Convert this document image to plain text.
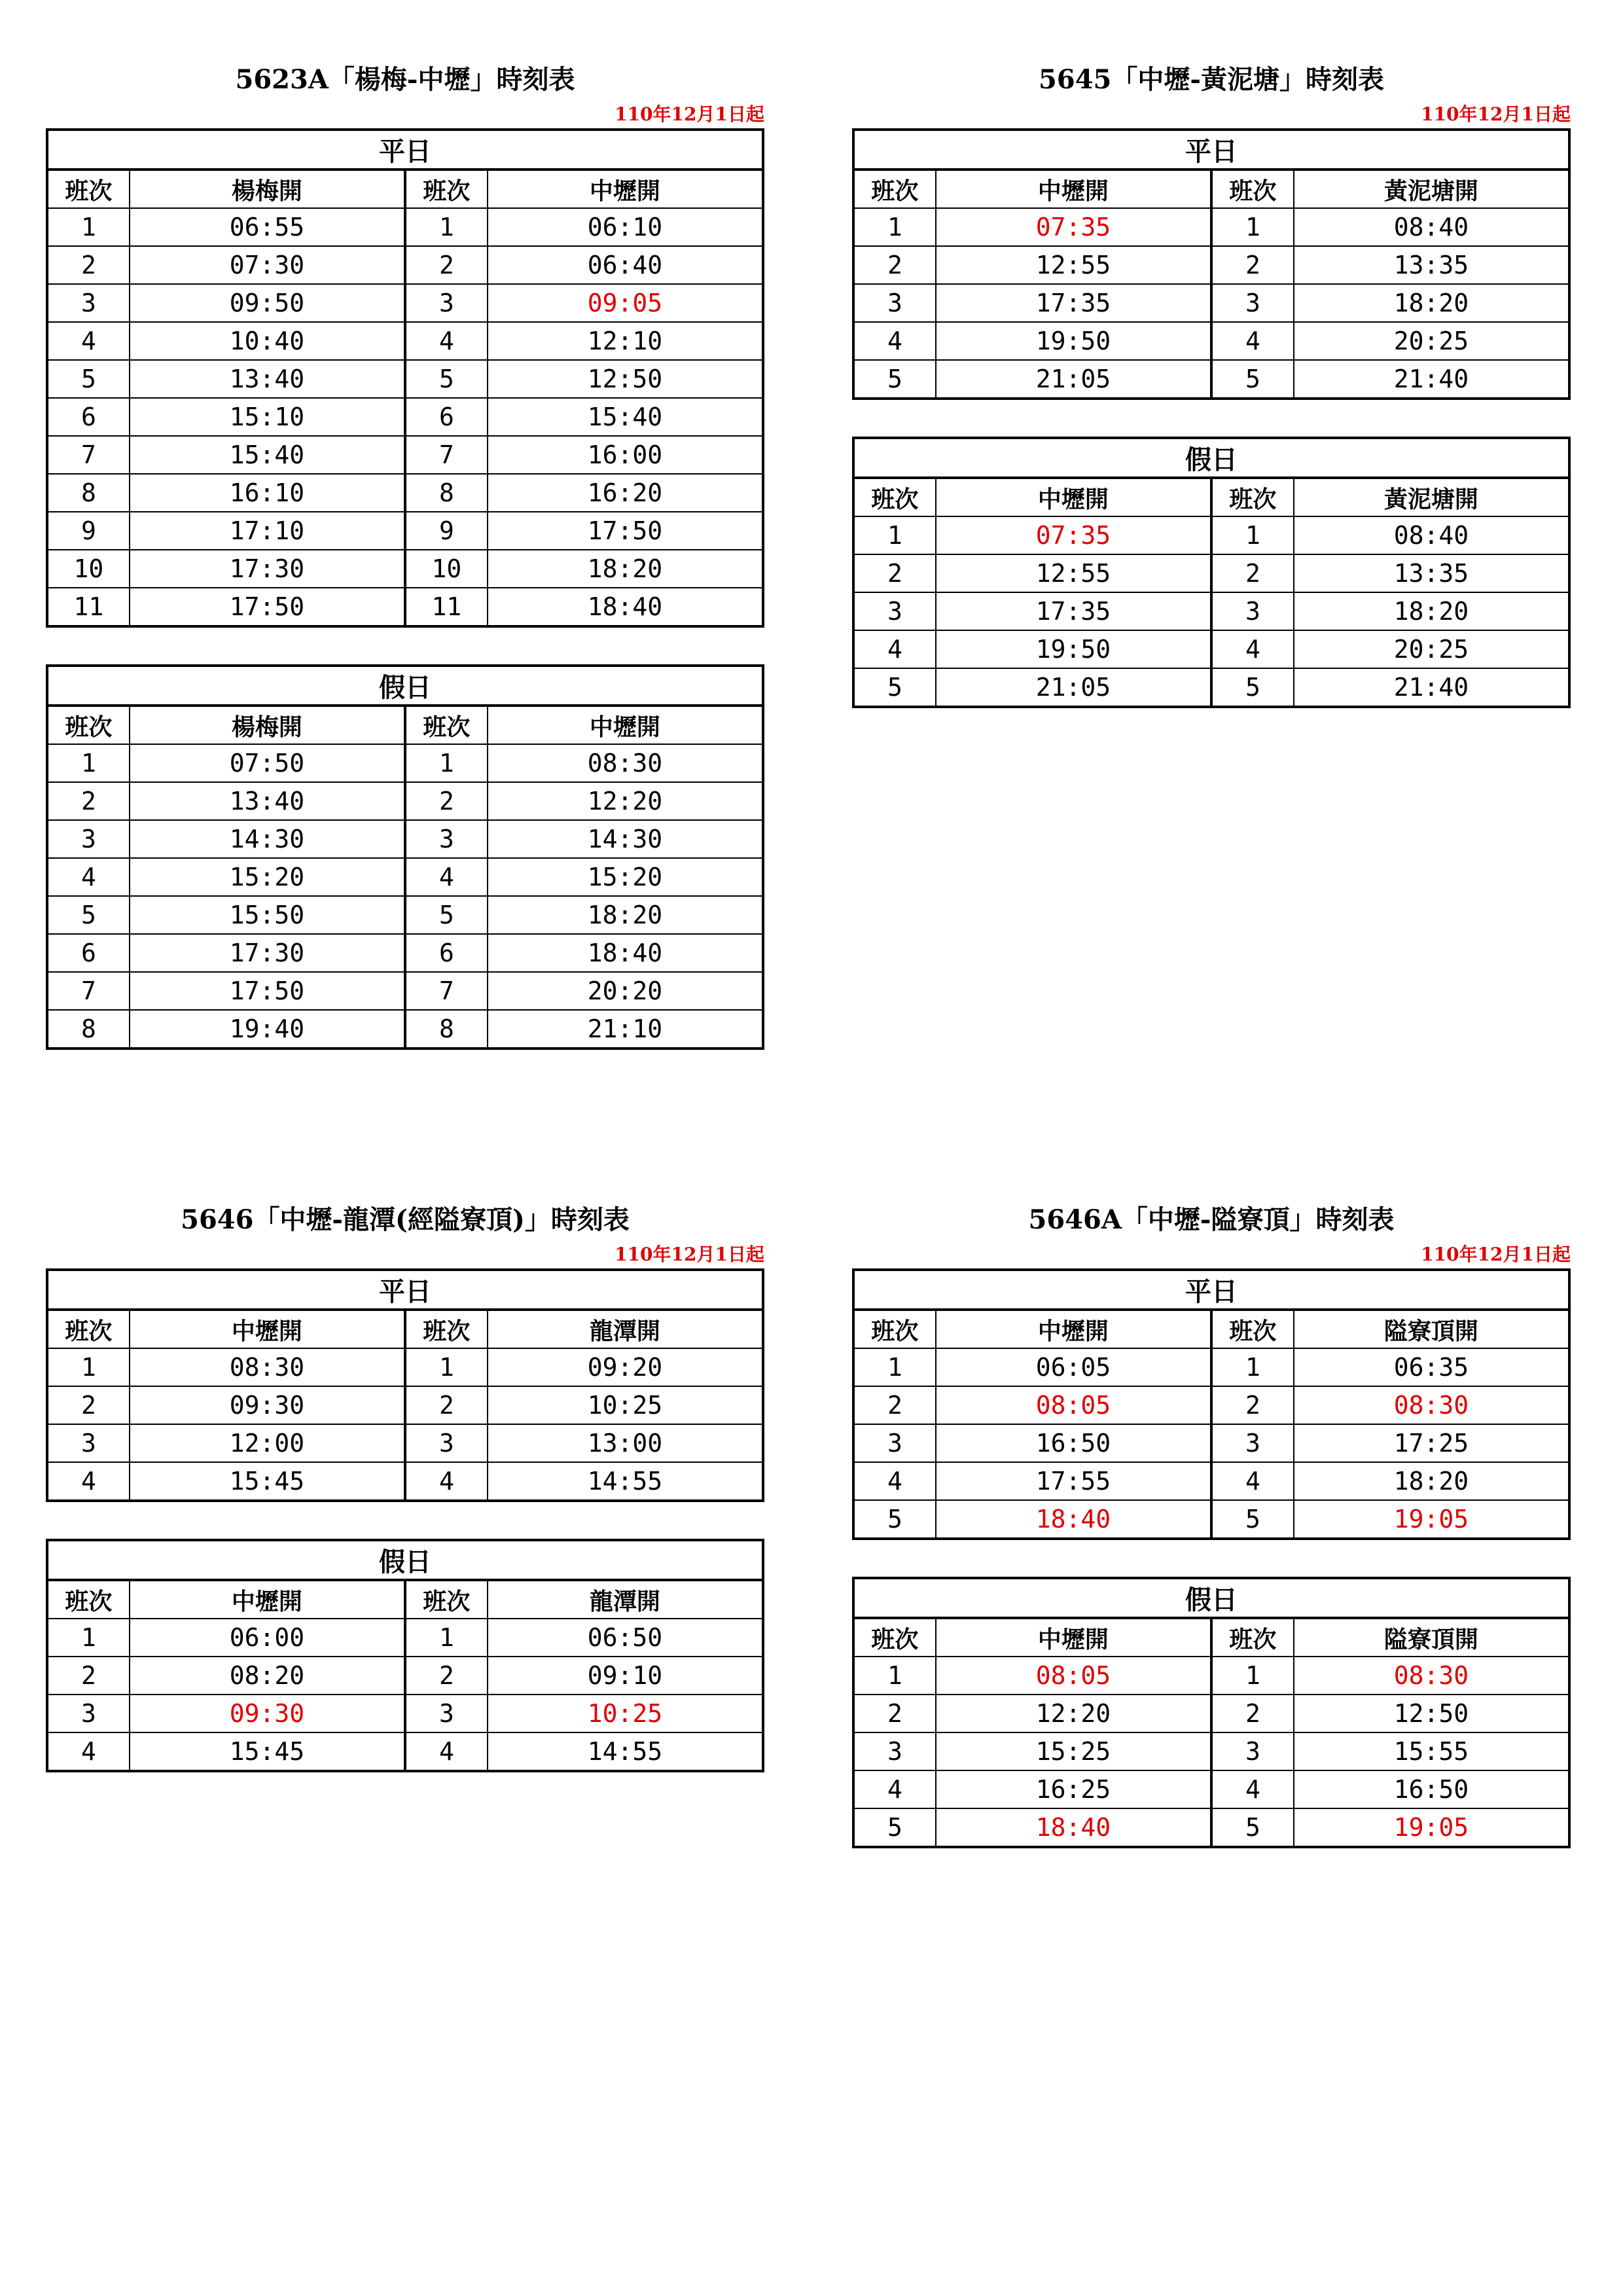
5623A「楊梅-中壢」時刻表
110年12月1日起
平日			
班次	楊梅開	班次	中壢開
1	06:55	1	06:10
2	07:30	2	06:40
3	09:50	3	09:05
4	10:40	4	12:10
5	13:40	5	12:50
6	15:10	6	15:40
7	15:40	7	16:00
8	16:10	8	16:20
9	17:10	9	17:50
10	17:30	10	18:20
11	17:50	11	18:40
假日			
班次	楊梅開	班次	中壢開
1	07:50	1	08:30
2	13:40	2	12:20
3	14:30	3	14:30
4	15:20	4	15:20
5	15:50	5	18:20
6	17:30	6	18:40
7	17:50	7	20:20
8	19:40	8	21:10
5645「中壢-黃泥塘」時刻表
110年12月1日起
平日			
班次	中壢開	班次	黃泥塘開
1	07:35	1	08:40
2	12:55	2	13:35
3	17:35	3	18:20
4	19:50	4	20:25
5	21:05	5	21:40
假日			
班次	中壢開	班次	黃泥塘開
1	07:35	1	08:40
2	12:55	2	13:35
3	17:35	3	18:20
4	19:50	4	20:25
5	21:05	5	21:40
5646「中壢-龍潭(經隘寮頂)」時刻表
110年12月1日起
平日			
班次	中壢開	班次	龍潭開
1	08:30	1	09:20
2	09:30	2	10:25
3	12:00	3	13:00
4	15:45	4	14:55
假日			
班次	中壢開	班次	龍潭開
1	06:00	1	06:50
2	08:20	2	09:10
3	09:30	3	10:25
4	15:45	4	14:55
5646A「中壢-隘寮頂」時刻表
110年12月1日起
平日			
班次	中壢開	班次	隘寮頂開
1	06:05	1	06:35
2	08:05	2	08:30
3	16:50	3	17:25
4	17:55	4	18:20
5	18:40	5	19:05
假日			
班次	中壢開	班次	隘寮頂開
1	08:05	1	08:30
2	12:20	2	12:50
3	15:25	3	15:55
4	16:25	4	16:50
5	18:40	5	19:05
